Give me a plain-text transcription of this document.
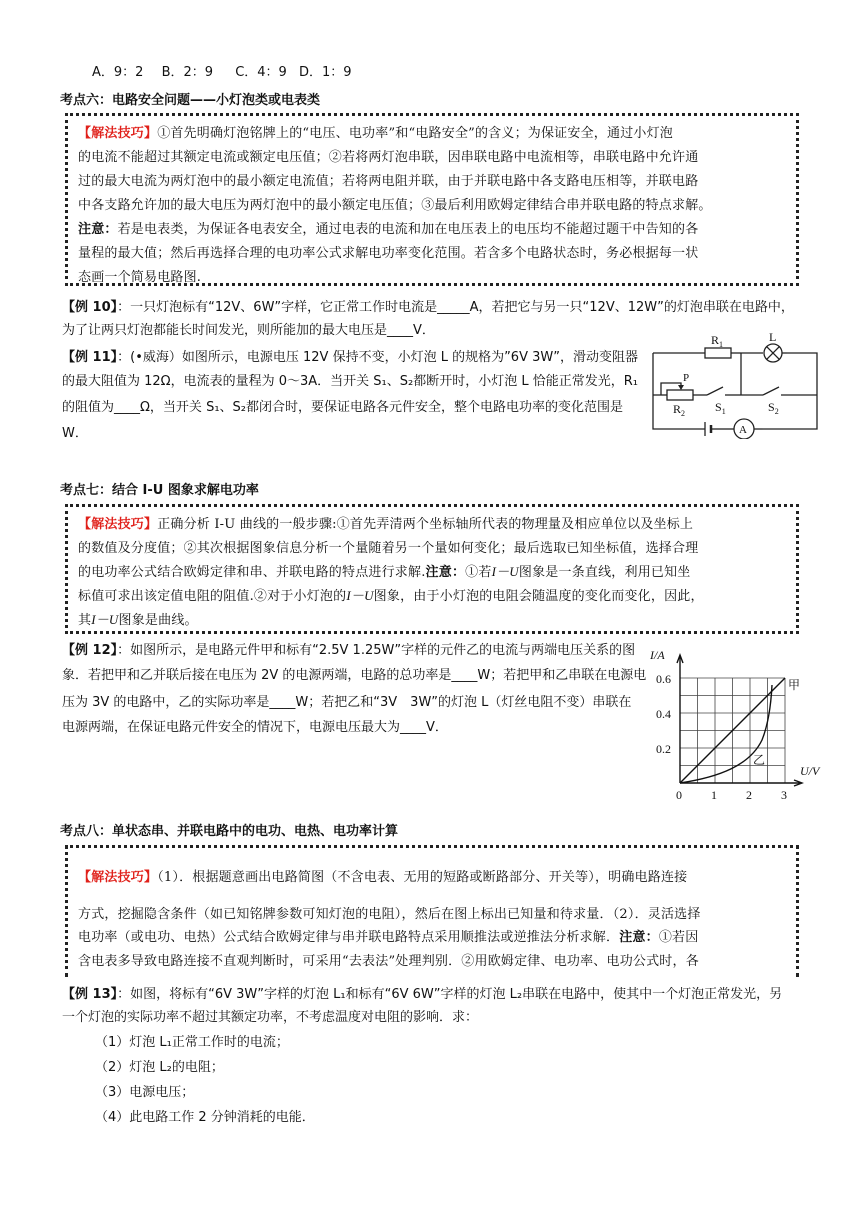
A．9：2 B．2：9 C．4：9 D．1：9
考点六：电路安全问题——小灯泡类或电表类
【解法技巧】①首先明确灯泡铭牌上的“电压、电功率”和“电路安全”的含义；为保证安全，通过小灯泡
的电流不能超过其额定电流或额定电压值；②若将两灯泡串联，因串联电路中电流相等，串联电路中允许通
过的最大电流为两灯泡中的最小额定电流值；若将两电阻并联，由于并联电路中各支路电压相等，并联电路
中各支路允许加的最大电压为两灯泡中的最小额定电压值；③最后利用欧姆定律结合串并联电路的特点求解。
注意：若是电表类，为保证各电表安全，通过电表的电流和加在电压表上的电压均不能超过题干中告知的各
量程的最大值；然后再选择合理的电功率公式求解电功率变化范围。若含多个电路状态时，务必根据每一状
态画一个简易电路图.
【例 10】：一只灯泡标有“12V、6W”字样，它正常工作时电流是_____A，若把它与另一只“12V、12W”的灯泡串联在电路中，
为了让两只灯泡都能长时间发光，则所能加的最大电压是____V．
【例 11】：(•威海）如图所示，电源电压 12V 保持不变，小灯泡 L 的规格为”6V 3W”，滑动变阻器
的最大阻值为 12Ω，电流表的量程为 0～3A．当开关 S₁、S₂都断开时，小灯泡 L 恰能正常发光，R₁
的阻值为____Ω，当开关 S₁、S₂都闭合时，要保证电路各元件安全，整个电路电功率的变化范围是
W．
$R_1$
L
P
$R_2$ $S_1$	$S_2$
A
考点七：结合 I-U 图象求解电功率
【解法技巧】正确分析 I-U 曲线的一般步骤:①首先弄清两个坐标轴所代表的物理量及相应单位以及坐标上
的数值及分度值；②其次根据图象信息分析一个量随着另一个量如何变化；最后选取已知坐标值，选择合理
的电功率公式结合欧姆定律和串、并联电路的特点进行求解.注意：①若I－U图象是一条直线，利用已知坐
标值可求出该定值电阻的阻值.②对于小灯泡的I－U图象，由于小灯泡的电阻会随温度的变化而变化，因此，
其I－U图象是曲线。
【例 12】：如图所示，是电路元件甲和标有“2.5V 1.25W”字样的元件乙的电流与两端电压关系的图
象．若把甲和乙并联后接在电压为 2V 的电源两端，电路的总功率是____W；若把甲和乙串联在电源电
压为 3V 的电路中，乙的实际功率是____W；若把乙和“3V　3W”的灯泡 L（灯丝电阻不变）串联在
电源两端，在保证电路元件安全的情况下，电源电压最大为____V．
I/A
U/V
甲
乙
0.6
0.4
0.2
0 1 2 3
考点八：单状态串、并联电路中的电功、电热、电功率计算
【解法技巧】（1）．根据题意画出电路简图（不含电表、无用的短路或断路部分、开关等），明确电路连接
方式，挖掘隐含条件（如已知铭牌参数可知灯泡的电阻），然后在图上标出已知量和待求量．（2）．灵活选择
电功率（或电功、电热）公式结合欧姆定律与串并联电路特点采用顺推法或逆推法分析求解．注意：①若因
含电表多导致电路连接不直观判断时，可采用“去表法”处理判别．②用欧姆定律、电功率、电功公式时，各
【例 13】：如图，将标有“6V 3W”字样的灯泡 L₁和标有“6V 6W”字样的灯泡 L₂串联在电路中，使其中一个灯泡正常发光，另
一个灯泡的实际功率不超过其额定功率，不考虑温度对电阻的影响．求：
（1）灯泡 L₁正常工作时的电流；
（2）灯泡 L₂的电阻；
（3）电源电压；
（4）此电路工作 2 分钟消耗的电能．
